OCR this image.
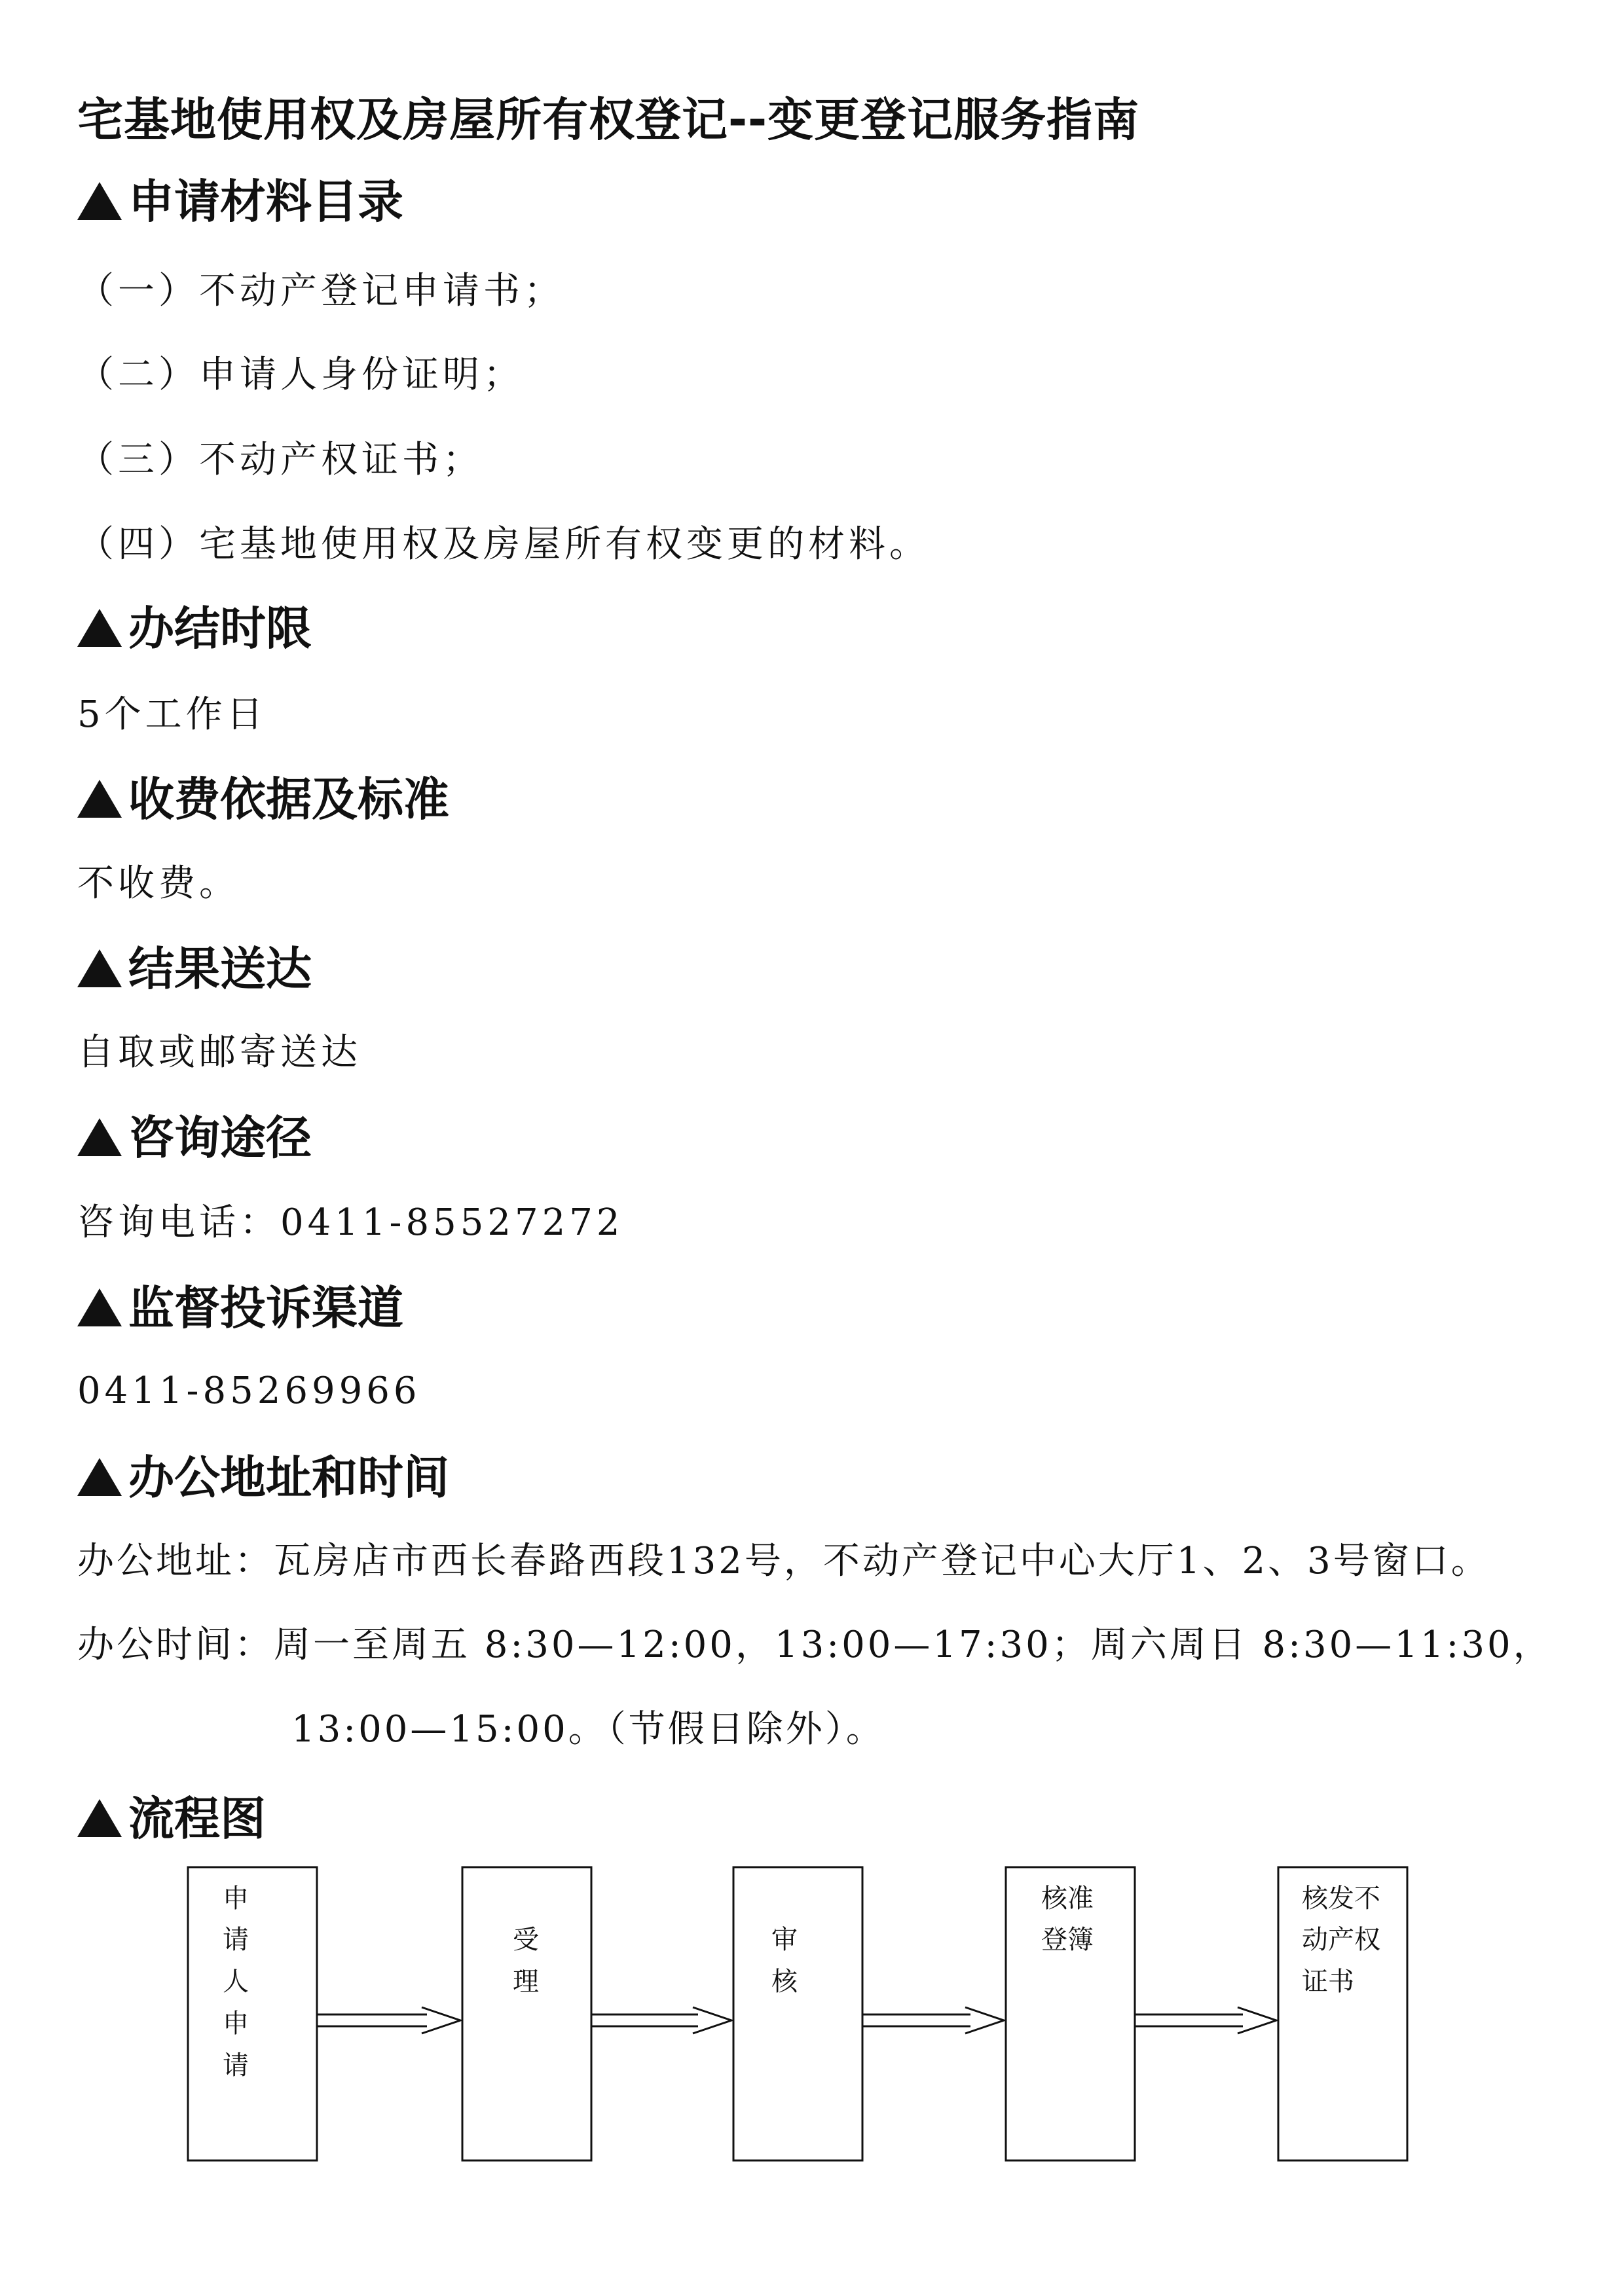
宅基地使用权及房屋所有权登记--变更登记服务指南
申请材料目录
（一）不动产登记申请书；
（二）申请人身份证明；
（三）不动产权证书；
（四）宅基地使用权及房屋所有权变更的材料。
办结时限
5个工作日
收费依据及标准
不收费。
结果送达
自取或邮寄送达
咨询途径
咨询电话：0411-85527272
监督投诉渠道
0411-85269966
办公地址和时间
办公地址：瓦房店市西长春路西段132号，不动产登记中心大厅1、2、3号窗口。
办公时间：周一至周五 8:30—12:00，13:00—17:30；周六周日 8:30—11:30，
13:00—15:00。（节假日除外）。
流程图
申
请
人
申
请
受
理
审
核
核准
登簿
核发不
动产权
证书
